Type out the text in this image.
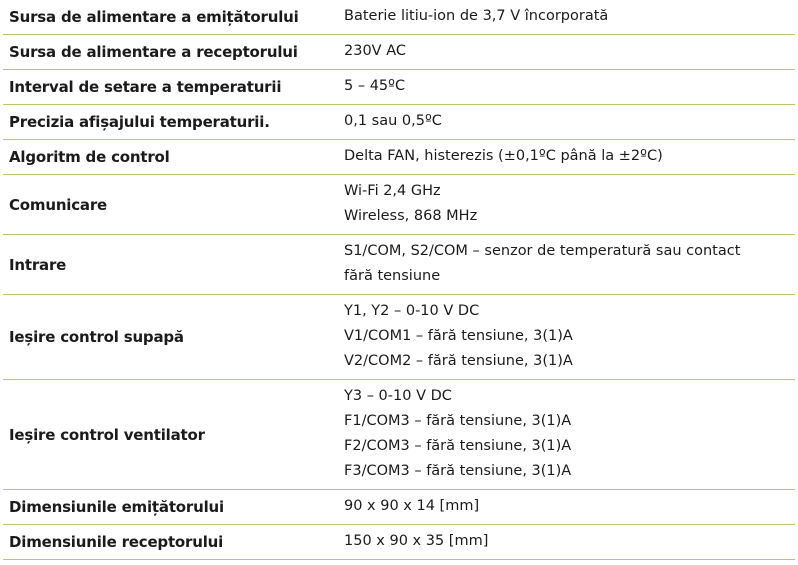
Sursa de alimentare a emițătorului	Baterie litiu-ion de 3,7 V încorporată

Sursa de alimentare a receptorului	230V AC

Interval de setare a temperaturii	5 – 45ºC

Precizia afișajului temperaturii.	0,1 sau 0,5ºC

Algoritm de control	Delta FAN, histerezis (±0,1ºC până la ±2ºC)

Comunicare	Wi-Fi 2,4 GHz
Wireless, 868 MHz

Intrare	S1/COM, S2/COM – senzor de temperatură sau contact
fără tensiune

Ieșire control supapă	Y1, Y2 – 0-10 V DC
V1/COM1 – fără tensiune, 3(1)A
V2/COM2 – fără tensiune, 3(1)A

Ieșire control ventilator	Y3 – 0-10 V DC
F1/COM3 – fără tensiune, 3(1)A
F2/COM3 – fără tensiune, 3(1)A
F3/COM3 – fără tensiune, 3(1)A

Dimensiunile emițătorului	90 x 90 x 14 [mm]

Dimensiunile receptorului	150 x 90 x 35 [mm]
